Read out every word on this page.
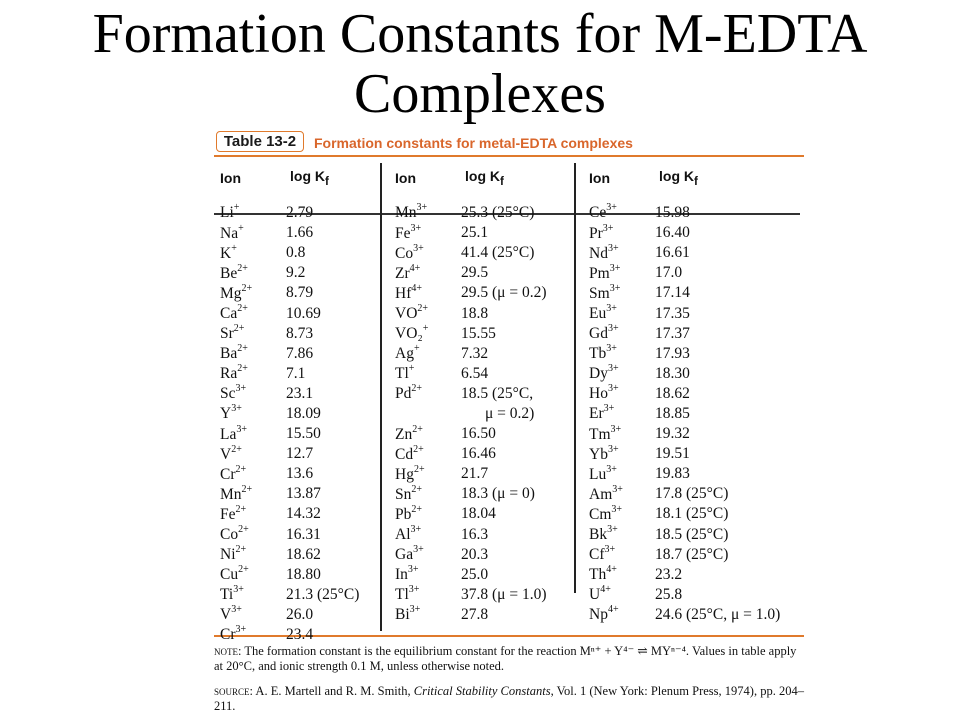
Formation Constants for M-EDTA Complexes
Table 13-2	Formation constants for metal-EDTA complexes
Ion	$\log K_f$
Li+	2.79
Na+	1.66
K+	0.8
$Be^{2+}$	9.2
$Mg^{2+}$	8.79
$Ca^{2+}$	10.69
$Sr^{2+}$	8.73
$Ba^{2+}$	7.86
$Ra^{2+}$	7.1
$Sc^{3+}$	23.1
$Y^{3+}$	18.09
$La^{3+}$	15.50
$V^{2+}$	12.7
$Cr^{2+}$	13.6
$Mn^{2+}$	13.87
$Fe^{2+}$	14.32
$Co^{2+}$	16.31
$Ni^{2+}$	18.62
$Cu^{2+}$	18.80
$Ti^{3+}$	21.3 (25°C)
$V^{3+}$	26.0
$Cr^{3+}$	23.4
Ion	$\log K_f$
$Mn^{3+}$	25.3 (25°C)
$Fe^{3+}$	25.1
$Co^{3+}$	41.4 (25°C)
$Zr^{4+}$	29.5
$Hf^{4+}$	29.5 (μ = 0.2)
$VO^{2+}$	18.8
VO₂+	15.55
Ag+	7.32
Tl+	6.54
$Pd^{2+}$	18.5 (25°C,
μ = 0.2)
$Zn^{2+}$	16.50
$Cd^{2+}$	16.46
$Hg^{2+}$	21.7
$Sn^{2+}$	18.3 (μ = 0)
$Pb^{2+}$	18.04
$Al^{3+}$	16.3
$Ga^{3+}$	20.3
$In^{3+}$	25.0
$Tl^{3+}$	37.8 (μ = 1.0)
$Bi^{3+}$	27.8
Ion	$\log K_f$
$Ce^{3+}$	15.98
$Pr^{3+}$	16.40
$Nd^{3+}$	16.61
$Pm^{3+}$	17.0
$Sm^{3+}$	17.14
$Eu^{3+}$	17.35
$Gd^{3+}$	17.37
$Tb^{3+}$	17.93
$Dy^{3+}$	18.30
$Ho^{3+}$	18.62
$Er^{3+}$	18.85
$Tm^{3+}$	19.32
$Yb^{3+}$	19.51
$Lu^{3+}$	19.83
$Am^{3+}$	17.8 (25°C)
$Cm^{3+}$	18.1 (25°C)
$Bk^{3+}$	18.5 (25°C)
$Cf^{3+}$	18.7 (25°C)
$Th^{4+}$	23.2
$U^{4+}$	25.8
$Np^{4+}$	24.6 (25°C, μ = 1.0)

note: The formation constant is the equilibrium constant for the reaction Mⁿ⁺ + Y⁴⁻ ⇌ MYⁿ⁻⁴. Values in table apply at 20°C, and ionic strength 0.1 M, unless otherwise noted.

source: A. E. Martell and R. M. Smith, Critical Stability Constants, Vol. 1 (New York: Plenum Press, 1974), pp. 204–211.
